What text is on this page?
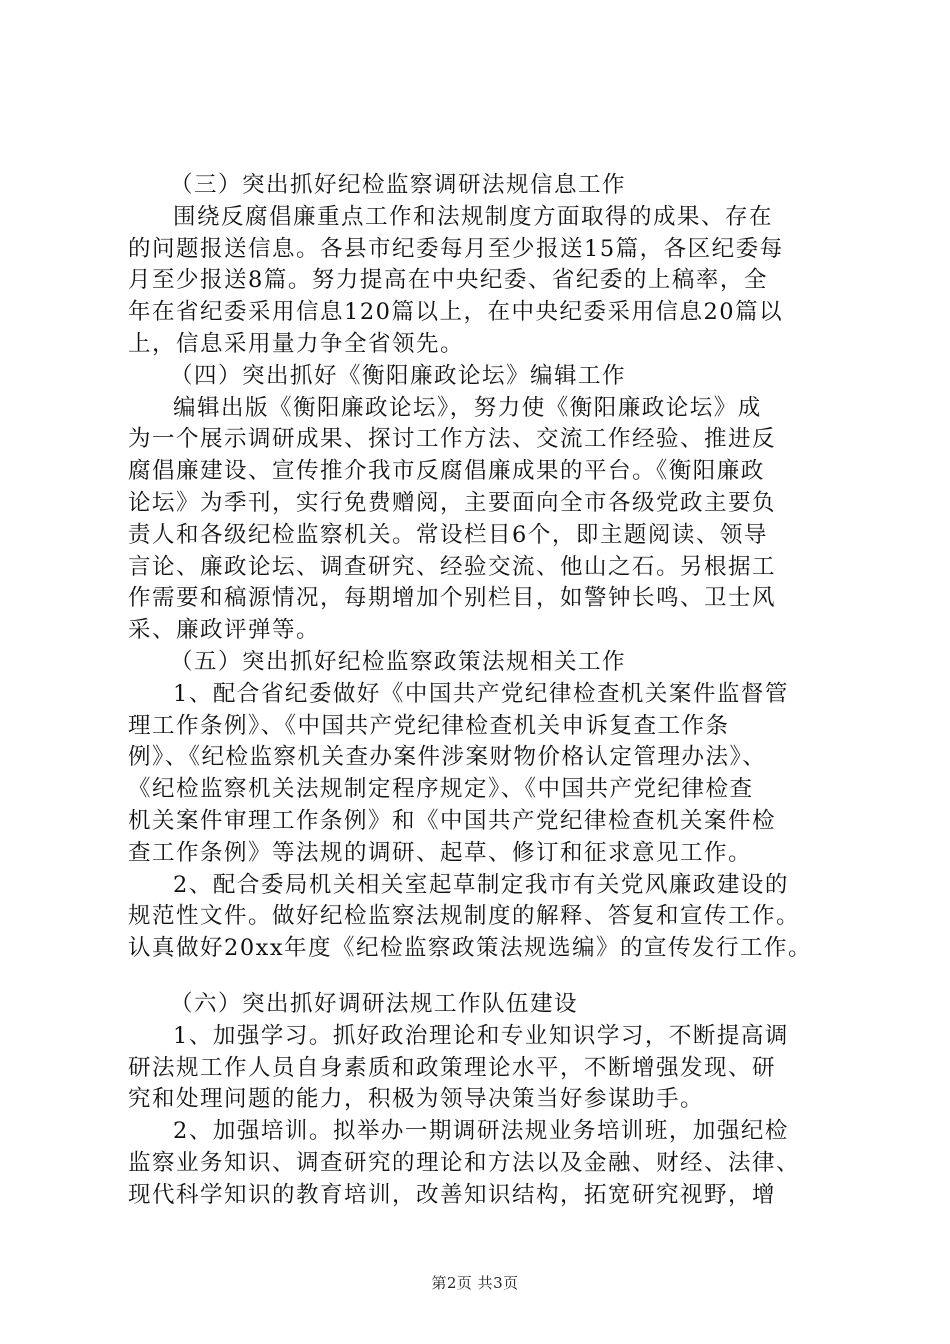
（三）突出抓好纪检监察调研法规信息工作
围绕反腐倡廉重点工作和法规制度方面取得的成果、存在
的问题报送信息。各县市纪委每月至少报送15篇，各区纪委每
月至少报送8篇。努力提高在中央纪委、省纪委的上稿率，全
年在省纪委采用信息120篇以上，在中央纪委采用信息20篇以
上，信息采用量力争全省领先。
（四）突出抓好《衡阳廉政论坛》编辑工作
编辑出版《衡阳廉政论坛》，努力使《衡阳廉政论坛》成
为一个展示调研成果、探讨工作方法、交流工作经验、推进反
腐倡廉建设、宣传推介我市反腐倡廉成果的平台。《衡阳廉政
论坛》为季刊，实行免费赠阅，主要面向全市各级党政主要负
责人和各级纪检监察机关。常设栏目6个，即主题阅读、领导
言论、廉政论坛、调查研究、经验交流、他山之石。另根据工
作需要和稿源情况，每期增加个别栏目，如警钟长鸣、卫士风
采、廉政评弹等。
（五）突出抓好纪检监察政策法规相关工作
1、配合省纪委做好《中国共产党纪律检查机关案件监督管
理工作条例》、《中国共产党纪律检查机关申诉复查工作条
例》、《纪检监察机关查办案件涉案财物价格认定管理办法》、
《纪检监察机关法规制定程序规定》、《中国共产党纪律检查
机关案件审理工作条例》和《中国共产党纪律检查机关案件检
查工作条例》等法规的调研、起草、修订和征求意见工作。
2、配合委局机关相关室起草制定我市有关党风廉政建设的
规范性文件。做好纪检监察法规制度的解释、答复和宣传工作。
认真做好20xx年度《纪检监察政策法规选编》的宣传发行工作。
（六）突出抓好调研法规工作队伍建设
1、加强学习。抓好政治理论和专业知识学习，不断提高调
研法规工作人员自身素质和政策理论水平，不断增强发现、研
究和处理问题的能力，积极为领导决策当好参谋助手。
2、加强培训。拟举办一期调研法规业务培训班，加强纪检
监察业务知识、调查研究的理论和方法以及金融、财经、法律、
现代科学知识的教育培训，改善知识结构，拓宽研究视野，增
第2页 共3页
